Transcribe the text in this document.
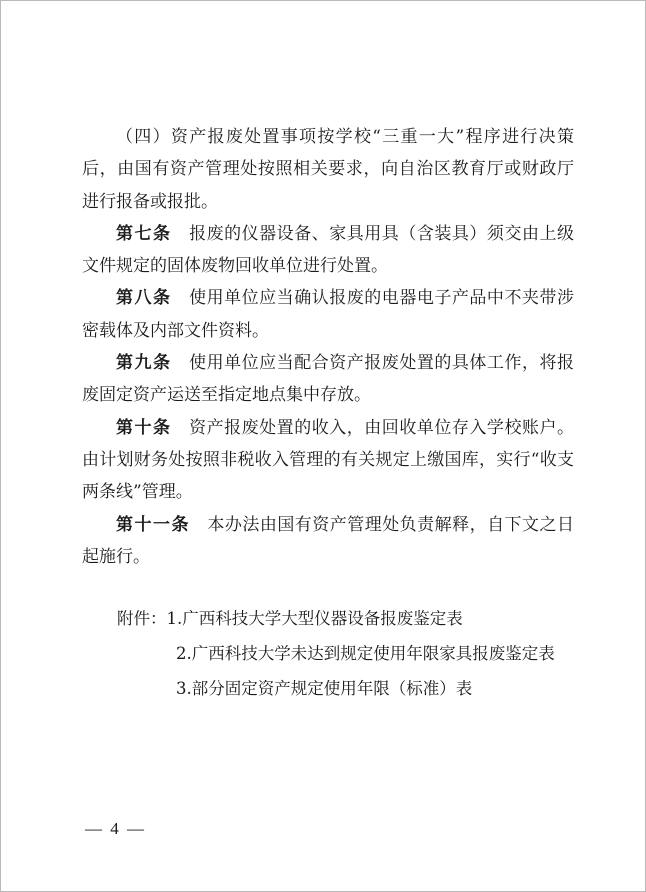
（四）资产报废处置事项按学校“三重一大”程序进行决策后，由国有资产管理处按照相关要求，向自治区教育厅或财政厅进行报备或报批。

第七条 报废的仪器设备、家具用具（含装具）须交由上级文件规定的固体废物回收单位进行处置。

第八条 使用单位应当确认报废的电器电子产品中不夹带涉密载体及内部文件资料。

第九条 使用单位应当配合资产报废处置的具体工作，将报废固定资产运送至指定地点集中存放。

第十条 资产报废处置的收入，由回收单位存入学校账户。由计划财务处按照非税收入管理的有关规定上缴国库，实行“收支两条线”管理。

第十一条 本办法由国有资产管理处负责解释，自下文之日起施行。

附件：1.广西科技大学大型仪器设备报废鉴定表
2.广西科技大学未达到规定使用年限家具报废鉴定表
3.部分固定资产规定使用年限（标准）表
— 4 —
